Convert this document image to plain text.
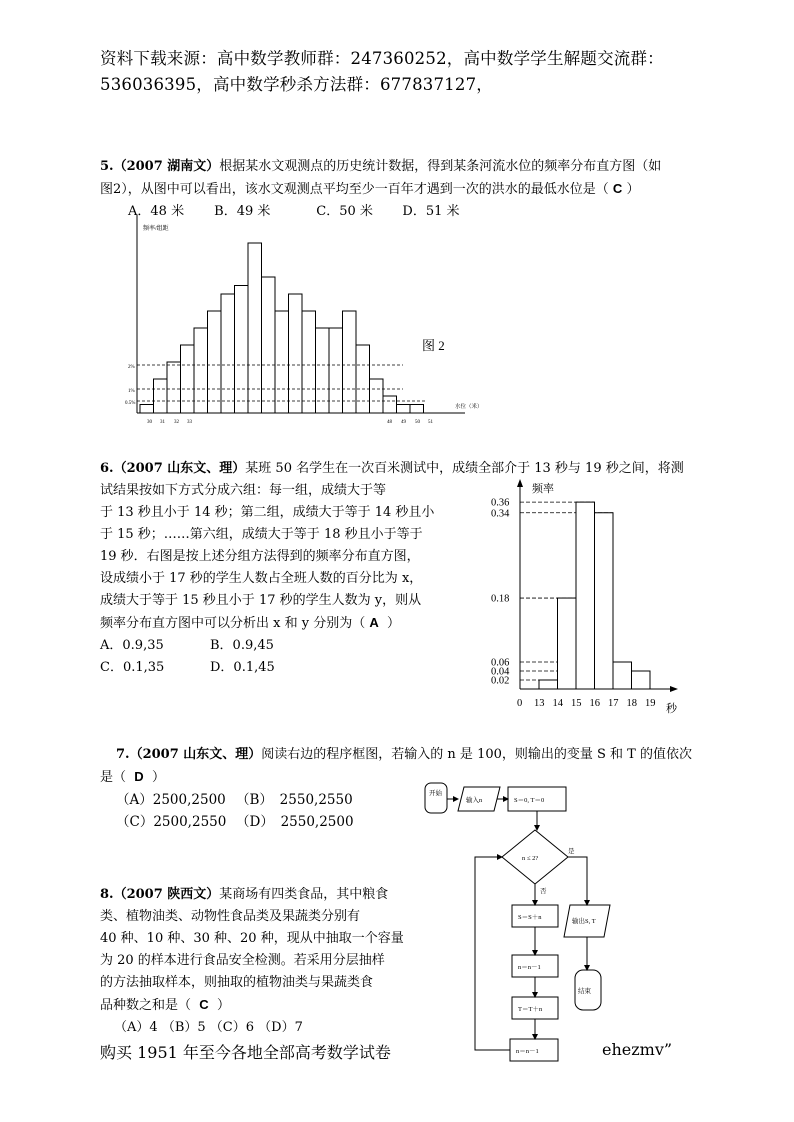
资料下载来源：高中数学教师群：247360252，高中数学学生解题交流群：
536036395，高中数学秒杀方法群：677837127，
5.（2007 湖南文）根据某水文观测点的历史统计数据，得到某条河流水位的频率分布直方图（如
图2），从图中可以看出，该水文观测点平均至少一百年才遇到一次的洪水的最低水位是（ C ）
A．48 米 B．49 米	C．50 米 D．51 米
频率/组距
水位（米）
2%
1%
0.5%
30 31 32 33	48 49 50 51
图 2
6.（2007 山东文、理）某班 50 名学生在一次百米测试中，成绩全部介于 13 秒与 19 秒之间，将测
试结果按如下方式分成六组：每一组，成绩大于等
于 13 秒且小于 14 秒；第二组，成绩大于等于 14 秒且小
于 15 秒；……第六组，成绩大于等于 18 秒且小于等于
19 秒．右图是按上述分组方法得到的频率分布直方图，
设成绩小于 17 秒的学生人数占全班人数的百分比为 x，
成绩大于等于 15 秒且小于 17 秒的学生人数为 y，则从
频率分布直方图中可以分析出 x 和 y 分别为（ A ）
A．0.9,35	B．0.9,45
C．0.1,35	D．0.1,45
频率
秒
0.02
0.04
0.06
0.18
0.34
0.36
0 13 14 15 16 17 18 19
7.（2007 山东文、理）阅读右边的程序框图，若输入的 n 是 100，则输出的变量 S 和 T 的值依次
是（ D ）
（A）2500,2500 （B）　2550,2550
（C）2500,2550 （D）　2550,2500
开始
输入n	S＝0, T＝0
n ≤ 2?
是
否
S＝S＋n
n＝n－1
T＝T＋n
n＝n－1
输出S, T
结束
8.（2007 陕西文）某商场有四类食品，其中粮食
类、植物油类、动物性食品类及果蔬类分别有
40 种、10 种、30 种、20 种，现从中抽取一个容量
为 20 的样本进行食品安全检测。若采用分层抽样
的方法抽取样本，则抽取的植物油类与果蔬类食
品种数之和是（ C ）
（A）4 （B）5 （C）6 （D）7
购买 1951 年至今各地全部高考数学试卷	ehezmv”
